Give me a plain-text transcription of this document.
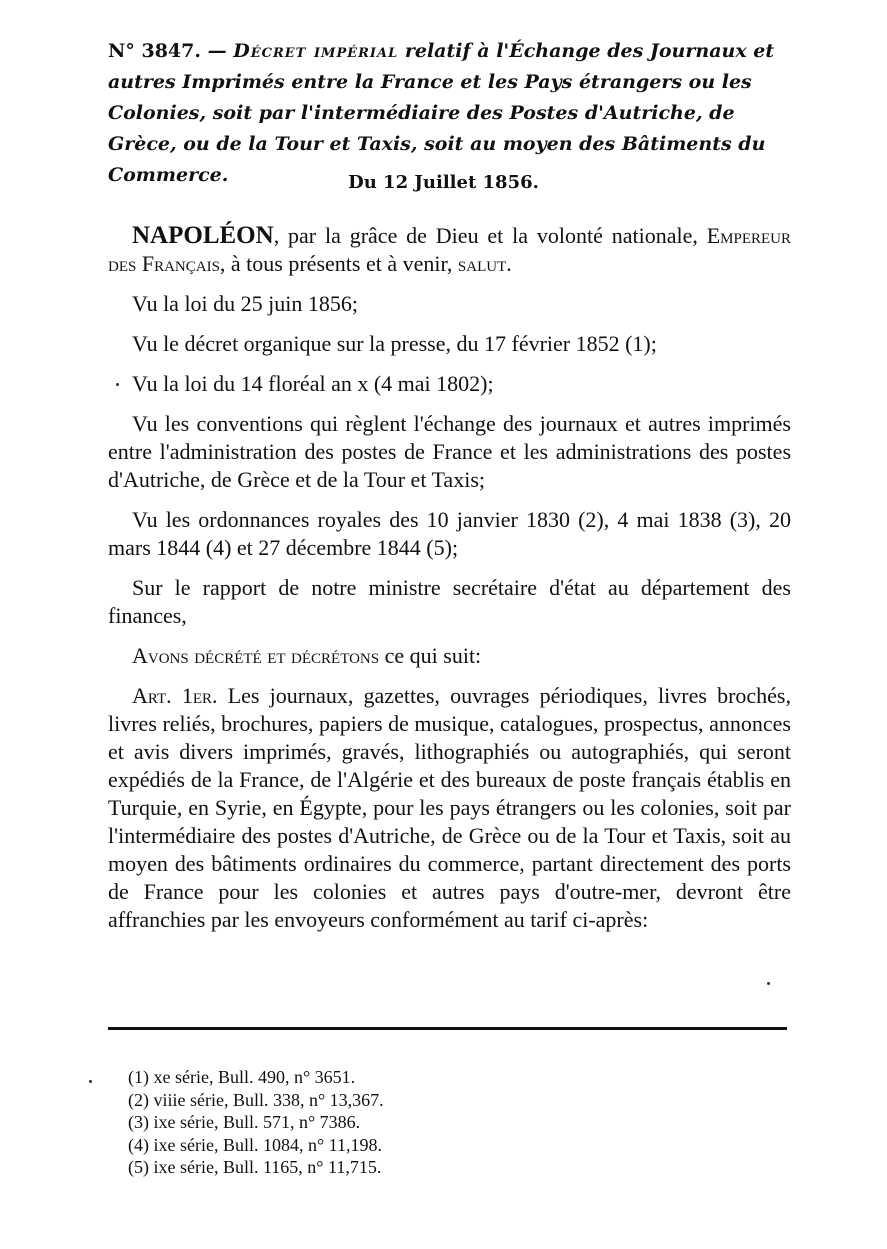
N° 3847. — Décret impérial relatif à l'Échange des Journaux et autres Imprimés entre la France et les Pays étrangers ou les Colonies, soit par l'intermédiaire des Postes d'Autriche, de Grèce, ou de la Tour et Taxis, soit au moyen des Bâtiments du Commerce.	Du 12 Juillet 1856.

NAPOLÉON, par la grâce de Dieu et la volonté nationale, Empereur des Français, à tous présents et à venir, salut.

Vu la loi du 25 juin 1856;

Vu le décret organique sur la presse, du 17 février 1852 (1);

Vu la loi du 14 floréal an x (4 mai 1802);

Vu les conventions qui règlent l'échange des journaux et autres imprimés entre l'administration des postes de France et les administrations des postes d'Autriche, de Grèce et de la Tour et Taxis;

Vu les ordonnances royales des 10 janvier 1830 (2), 4 mai 1838 (3), 20 mars 1844 (4) et 27 décembre 1844 (5);

Sur le rapport de notre ministre secrétaire d'état au département des finances,

Avons décrété et décrétons ce qui suit:

Art. 1er. Les journaux, gazettes, ouvrages périodiques, livres brochés, livres reliés, brochures, papiers de musique, catalogues, prospectus, annonces et avis divers imprimés, gravés, lithographiés ou autographiés, qui seront expédiés de la France, de l'Algérie et des bureaux de poste français établis en Turquie, en Syrie, en Égypte, pour les pays étrangers ou les colonies, soit par l'intermédiaire des postes d'Autriche, de Grèce ou de la Tour et Taxis, soit au moyen des bâtiments ordinaires du commerce, partant directement des ports de France pour les colonies et autres pays d'outre-mer, devront être affranchies par les envoyeurs conformément au tarif ci-après:

(1) xe série, Bull. 490, n° 3651.
(2) viiie série, Bull. 338, n° 13,367.
(3) ixe série, Bull. 571, n° 7386.
(4) ixe série, Bull. 1084, n° 11,198.
(5) ixe série, Bull. 1165, n° 11,715.
